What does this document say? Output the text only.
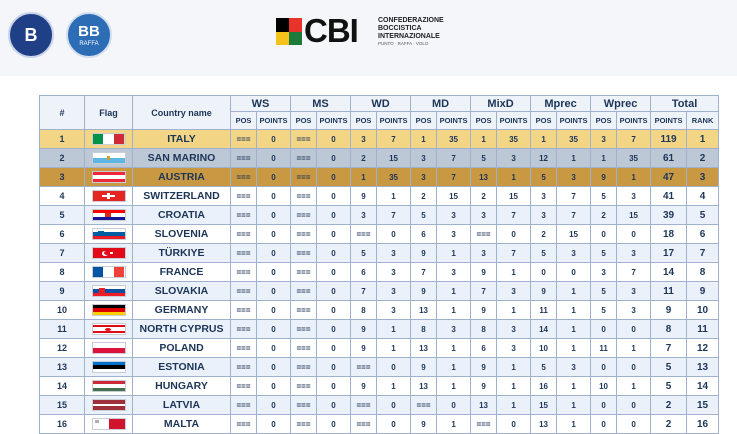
B	BB
RAFFA	CBI	CONFEDERAZIONE BOCCISTICA INTERNAZIONALE
PUNTO · RAFFA · VOLO
#	Flag	Country name	WS		MS		WD		MD		MixD		Mprec		Wprec		Total	
			POS	POINTS	POS	POINTS	POS	POINTS	POS	POINTS	POS	POINTS	POS	POINTS	POS	POINTS	POINTS	RANK
1		ITALY	===	0	===	0	3	7	1	35	1	35	1	35	3	7	119	1
2		SAN MARINO	===	0	===	0	2	15	3	7	5	3	12	1	1	35	61	2
3		AUSTRIA	===	0	===	0	1	35	3	7	13	1	5	3	9	1	47	3
4		SWITZERLAND	===	0	===	0	9	1	2	15	2	15	3	7	5	3	41	4
5		CROATIA	===	0	===	0	3	7	5	3	3	7	3	7	2	15	39	5
6		SLOVENIA	===	0	===	0	===	0	6	3	===	0	2	15	0	0	18	6
7		TÜRKIYE	===	0	===	0	5	3	9	1	3	7	5	3	5	3	17	7
8		FRANCE	===	0	===	0	6	3	7	3	9	1	0	0	3	7	14	8
9		SLOVAKIA	===	0	===	0	7	3	9	1	7	3	9	1	5	3	11	9
10		GERMANY	===	0	===	0	8	3	13	1	9	1	11	1	5	3	9	10
11		NORTH CYPRUS	===	0	===	0	9	1	8	3	8	3	14	1	0	0	8	11
12		POLAND	===	0	===	0	9	1	13	1	6	3	10	1	11	1	7	12
13		ESTONIA	===	0	===	0	===	0	9	1	9	1	5	3	0	0	5	13
14		HUNGARY	===	0	===	0	9	1	13	1	9	1	16	1	10	1	5	14
15		LATVIA	===	0	===	0	===	0	===	0	13	1	15	1	0	0	2	15
16		MALTA	===	0	===	0	===	0	9	1	===	0	13	1	0	0	2	16
